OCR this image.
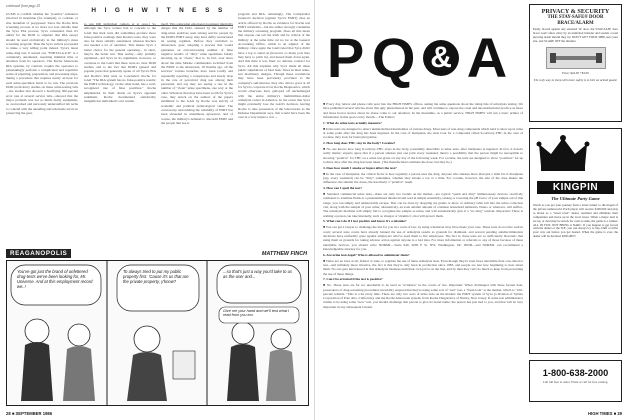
continued from page 25
H I G H W I T N E S S
GCMS to confirm whether the "positive" substance involved in morphine (for example), or codeine, or else breakfast of poppyseed. Since the Roche RIA screening process is no more nor less reliable than the Syva EIA process, Syva contended, then it's unfair for the DOD to stipulate that RIA assays should be used exclusively in the military's mass screening program. Then the Syva writers proceeded to make a very telling point indeed. Syva's latest urine-drug test, it turned out, "EMIT-D.A.U.II" is a completely automated, requiring minimal time or attention from its operators. The Roche Abuscreen RIA systems, by contrast, require the operators to painstakingly perform a complicated and repetitive series of pipetting, preparation, and processing steps, during a procedure that requires nearly an hour for each urine-specimen batch to be run. The previous DOD proficiency studies on these urine-testing labs—the studies that showed a horrifying 300-percent error rate at several service labs—showed that the major problem was not so much faulty equipment, as overworked and nervously understaffed lab techs to contend with the unending and wholesale errors in preserving the gear.
to run 600 individual camera at at once.) So although the Syva writers had to concede to the GAO that their tests did sometimes produce more false-positive readings than Roche's tests, they were also far more reliably automated, whereas Roche's test needed a lot of attention. This makes Syva a better choice for the general operating... in short, they're the better test. This reality—only partially explained—led Syva in its arguments, however, to overstate to the GAO that there were no clear DOD studies, and to the fact that DOD's general and popular press that generally spoke of all Syva's EIA and Roche's RIA tests as Concluded. Roche for GAO "The RIA system has no false-positive results; the EMIT technology, on the other hand, has a well-recognized rate of false positives," Roche emphasized. In their attack on Syva's apparent sentiment, Roche documented statistically insignificant individual's own results.
itself. This somewhat emotional document implicitly alleges that the DoD, stunned by the number of drug-urine positives seen among service people by the DOD's EMIT assay, may have deftly restructured its testing regimen. Before they switched to Abuscreen, gear, adopting a process that would guarantee an ever-increasing number of false negative results: of "dirty" urine specimens falsely showing up as "clean," that is. In fact, ever since about the time Marine commanders switched from the EMIT to the Abuscreen, 18 months ago, all the services' various branches have been loudly and repeatedly reporting a conspicuous and steady drop in the rate of perceived drug use among their personnel, and say they are seeing a rise in the number of "clean" urine specimens, one way or the other. Whatever that may have been worth for Syva's case, they struck on the authors of the papers submitted to the GAO by Roche was strictly of academic and political technological value: The controversy surrounding the reliability of EMIT has been shrouded in unanimous ignorance, and of course, the military's demand to discredit EMIT and the people that use it.
program and RIA. Amusingly, The Comptroller General's decision (against Syva's EMIT) cites an article offered by Roche as evidence for Roche test EMIT unreliable—but the author strongly condemns the military screening program. Does all this mean that anyone can tell the truth and be critical of the military at the same time cut no ice at the General Accounting Office, which is an adjunct of the military. Once again the GAO ruled that Syva didn't have a leg to stand on (however so many pots they may have to pitch in), and turned them down again. And this time it was final: no defense contract for Syva. All this explains why Syva made all these public stipulations of fatal basic flaws in their urine-test machinery designs. Though these revelations may have been previously provided to the company's self-interest, they also did no good at all for Syva's corporate rival, Roche Diagnostics, which would otherwise have galloped off unchallenged with the entire military's multimillion-dollar urinalysis racket in America. In the event that Syva might eventually lose the GAO's decision, leaving Roche to take possession of the laboratories as the Defense Department says, that would have been the case in a very unjust a war ...
REAGANOPOLIS	MATTHEW FINCH
You've got just the brand of unfettered drug-tests we've been looking for, Mr. Universe. And at this employment record we..!
To always tried to put my public property first. 'Cause it's us that are the private property, y'know?
...so that's just a way you'd take to us as the user and...
Give me your hand and we'll test what I read from you too.
28 ■ SEPTEMBER 1986
P Q & A

■ Every day, letters and phone calls pour into the HIGH TIMES offices, asking the same questions about the rising tide of urinalysis testing. We have published several articles about this ugly phenomenon in the past, and will continue to expose the cruel and unconstitutional practice as more and more horror stories about its abuse come to our attention. In the meantime, as a public service, HIGH TIMES will run a basic primer of information in this space every month.—The Editors

1. What do urine tests actually measure?

■ Urine tests are designed to detect unmetabolized metabolites of various drugs. Most tests of non-drug compounds which tend to show up in urine at some point after the drug has been ingested. In the case of marijuana, the tests look for a compound called 9-carboxy-THC in the case of cocaine, they look for benzoylecgonine.

2. How long does THC stay in the body? Cocaine?

■ No one knows how long 9-carboxy-THC stays in the body, potentially detectable to urine tests, after marijuana is ingested. In fact, it doesn't really matter; experts agree that if a person smokes just one joint every weekend, there's a possibility that the person might be susceptible to showing "positive" for THC on a urine test given on any day of the following week. For cocaine, the tests are designed to show "positives" for up to three days after the drug has been taken. (The manufacturers estimate the dose, but they lie.)

3. Does how much I smoke or ingest affect the test?

■ In the case of marijuana, the critical factor is how regularly a person uses the drug. Anyone who smokes more than just a little bit of marijuana (say, every weekend) can be "dirty" sometimes, whether they smoke a ton or a little. For cocaine, however, the size of the dose makes the difference: the smaller the doses, the less likely a "positive" result.

4. How can I spoil the test?

■ Standard commercial urine tests—there are only two brands on the market—are typical "quick and dirty" immunoassay devices, reactively calibrated to examine fluids at a predetermined threshold and read in simple sensitivity, raising or lowering the pH factor of your sample out of this range, you can simply and undetectably escape. This can be done by dropping six grams or more of ordinary table salt into the urine collection vial, along with the sample of your urine; alternatively, an even smaller amount of common household ammonia, Drano or whatever, will suffice. The urinalysis machine will simply fail to recognize the sample as urine, and will automatically give it a "no drug" readout. Important: There is nothing a person can take internally, such as vinegar or vitamin C, that will protect them.

5. What can I do if I test positive and know it's a mistake?

■ You can get a lawyer to challenge the test for you in a court of law, by suing whomever may have made your case. These tests do not fare well in court; several state courts have already banned the use of urinalysis results as grounds for dismissal, and several pending antidiscrimination decisions have uniformly gone against employers who've used them to fire employees. The fact is, these tests are so sufficiently bioerratic that using them as grounds for taking adverse action against anyone is a bad idea. For more information or referrals to any of those because of these unreliable devices, you should write NORML—Suite 640, 2000 P St. NW, Washington, DC 20036—and NORML can recommend a knowledgeable attorney for you.

6. Are urine tests legal? Who is allowed to administer them?

■ There are no laws at all, federal or state, to regulate the use of these urinalysis tests. Even though they're even more unreliable than a lie-detector test—and infinitely more invasive, the fact is that they're only been in production since 1983, and people are just now beginning to hear about them. No one gets interviewed in this urinalysis business until their own job is on the line, and by then they can't do much to keep from preventing the use of these things.

7. Can I be arrested if the test is positive?

■ No. These tests are far too unreliable to be used as "evidence" in the courts of law. Important: When challenged with these factual data, prosecutors of drug-screening procedures invariably respond that they're using some sort of "real" test, a "fresh look" at the market, which is "100-percent reliable." This is a lie every time. There are only two sorts of urine tests on the market: the EMIT system of Syva (a division of Syntex Corporation of Palo Alto, California), and the Roche Abuscreen system, from Roche Diagnostics of Nutley, New Jersey. If some test administrator claims to be using some "new" test, you should challenge that person to give its brand name; the person has just tied to you, and that will be very important in any subsequent lawsuit.

PRIVACY & SECURITY
THE STAY-SAFE® DOOR BRACE/ALARM
Easily braced against any standard 'in' door, the STAY-SAFE door brace won't allow entry by an uninvited intruder and sounds a loud piercing alarm should they try. DON'T GET YOUR SHIP, sure your site, and SCARE OFF the intruder.
Price: $24.95 +$3.00
The only way to sleep with more safety is to hire an armed guard.
KINGPIN
The Ultimate Party Game
Watch as you get your journey from a street runner to the mogul of the private underworld. Each player will receive $100,000 and play to invest as a "street level" dealer, outsmart and eliminate their competition and move up in the local street. When a major deal is set up, or deal may be struck for cash at stake, the game is a winner. ALL IN FUN. NOT BEING A NARC. If you happen to get forced with the dealer or the ICE, you can always try to buy, bluff or bribe your way out before you get busted. When the game is over, the dealer will be declared KINGPIN!
1-800-638-2000
Call toll free to order. Write or call for free catalog.
HIGH TIMES ■ 29
